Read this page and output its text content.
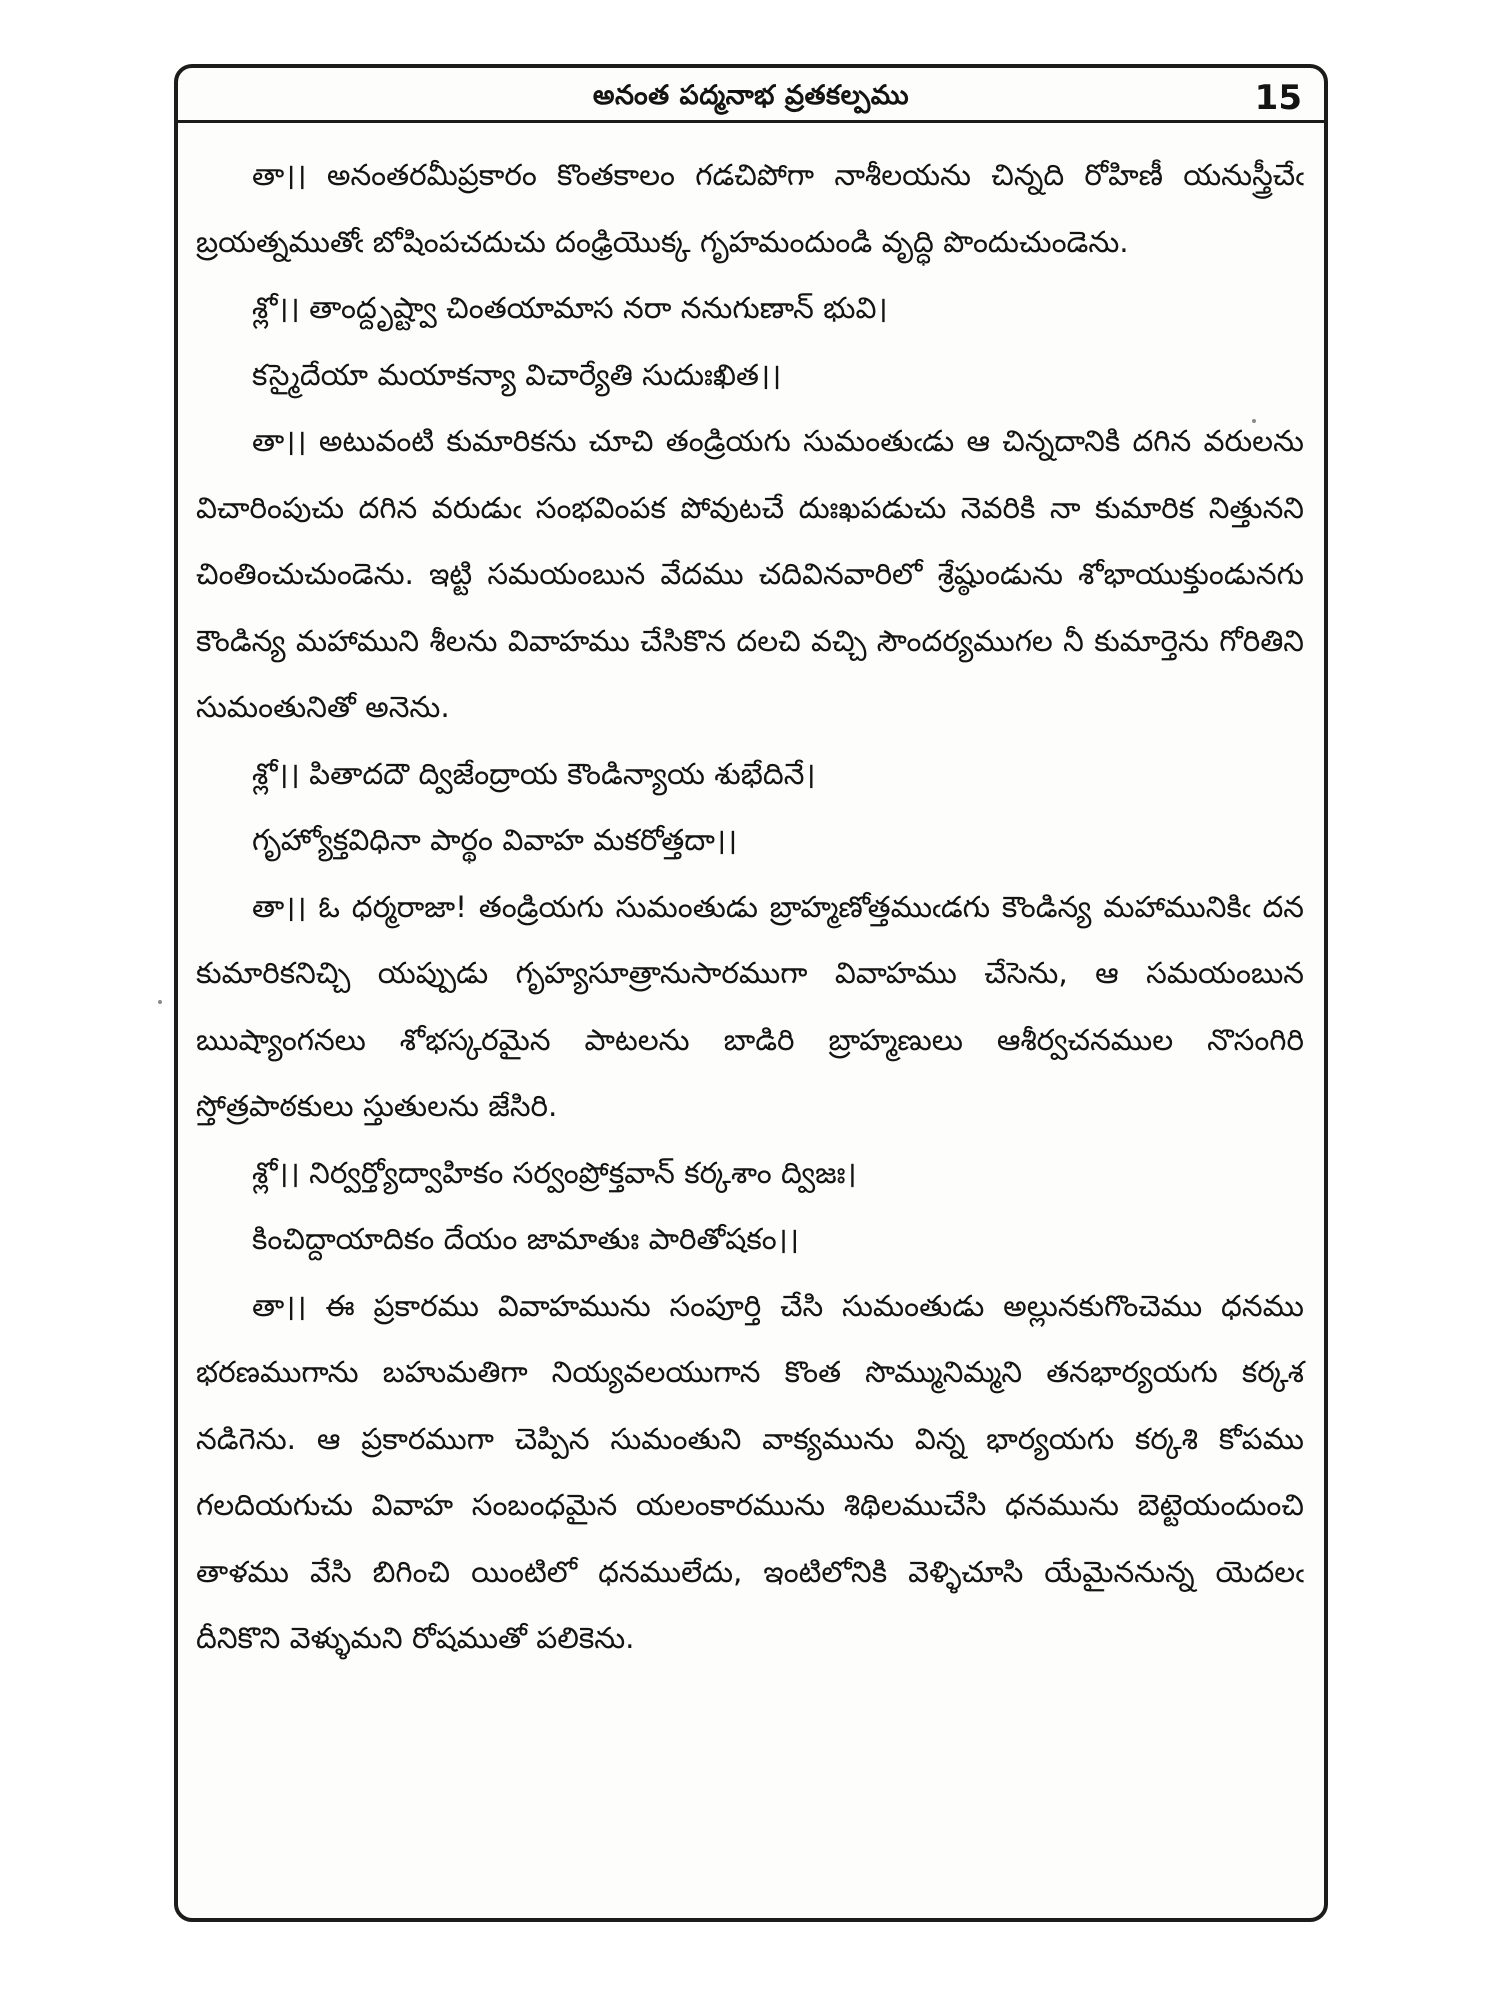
అనంత పద్మనాభ వ్రతకల్పము	15

తా।। అనంతరమీప్రకారం కొంతకాలం గడచిపోగా నాశీలయను చిన్నది రోహిణీ యనుస్త్రీచేఁ బ్రయత్నముతోఁ బోషింపచదుచు దంఢ్రియొక్క గృహమందుండి వృద్ధి పొందుచుండెను.

శ్లో।। తాంద్దృష్ట్వా చింతయామాస నరా ననుగుణాన్ భువి।
కస్మైదేయా మయాకన్యా విచార్యేతి సుదుఃఖిత।।

తా।। అటువంటి కుమారికను చూచి తండ్రియగు సుమంతుఁడు ఆ చిన్నదానికి దగిన వరులను విచారింపుచు దగిన వరుడుఁ సంభవింపక పోవుటచే దుఃఖపడుచు నెవరికి నా కుమారిక నిత్తునని చింతించుచుండెను. ఇట్టి సమయంబున వేదము చదివినవారిలో శ్రేష్ఠుండును శోభాయుక్తుండునగు కౌండిన్య మహాముని శీలను వివాహము చేసికొన దలచి వచ్చి సౌందర్యముగల నీ కుమార్తెను గోరితిని సుమంతునితో అనెను.

శ్లో।। పితాదదౌ ద్విజేంద్రాయ కౌండిన్యాయ శుభేదినే।
గృహ్యోక్తవిధినా పార్థం వివాహ మకరోత్తదా।।

తా।। ఓ ధర్మరాజా! తండ్రియగు సుమంతుడు బ్రాహ్మణోత్తముఁడగు కౌండిన్య మహామునికిఁ దన కుమారికనిచ్చి యప్పుడు గృహ్యసూత్రానుసారముగా వివాహము చేసెను, ఆ సమయంబున ఋష్యాంగనలు శోభస్కరమైన పాటలను బాడిరి బ్రాహ్మణులు ఆశీర్వచనముల నొసంగిరి స్తోత్రపాఠకులు స్తుతులను జేసిరి.

శ్లో।। నిర్వర్త్యోద్వాహికం సర్వంప్రోక్తవాన్ కర్కశాం ద్విజః।
కించిద్దాయాదికం దేయం జామాతుః పారితోషకం।।

తా।। ఈ ప్రకారము వివాహమును సంపూర్తి చేసి సుమంతుడు అల్లునకుగొంచెము ధనము భరణముగాను బహుమతిగా నియ్యవలయుగాన కొంత సొమ్మునిమ్మని తనభార్యయగు కర్కశ నడిగెను. ఆ ప్రకారముగా చెప్పిన సుమంతుని వాక్యమును విన్న భార్యయగు కర్కశి కోపము గలదియగుచు వివాహ సంబంధమైన యలంకారమును శిథిలముచేసి ధనమును బెట్టెయందుంచి తాళము వేసి బిగించి యింటిలో ధనములేదు, ఇంటిలోనికి వెళ్ళిచూసి యేమైననున్న యెదలఁ దీనికొని వెళ్ళుమని రోషముతో పలికెను.
